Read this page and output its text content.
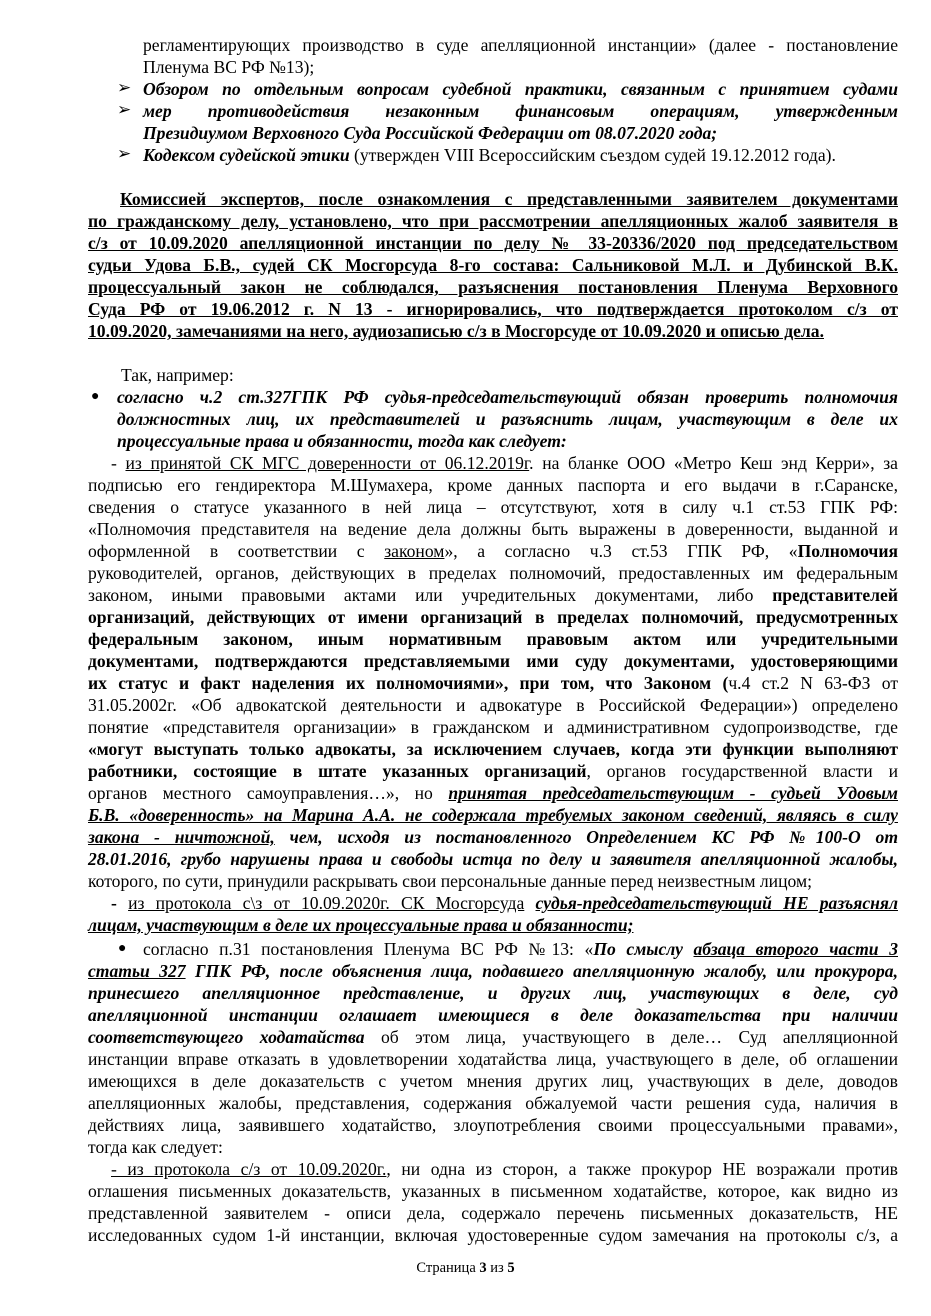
регламентирующих производство в суде апелляционной инстанции» (далее - постановление
Пленума ВС РФ №13);
Обзором по отдельным вопросам судебной практики, связанным с принятием судами
мер противодействия незаконным финансовым операциям, утвержденным
Президиумом Верховного Суда Российской Федерации от 08.07.2020 года;
Кодексом судейской этики (утвержден VIII Всероссийским съездом судей 19.12.2012 года).
Комиссией экспертов, после ознакомления с представленными заявителем документами
по гражданскому делу, установлено, что при рассмотрении апелляционных жалоб заявителя в
с/з от 10.09.2020 апелляционной инстанции по делу № 33-20336/2020 под председательством
судьи Удова Б.В., судей СК Мосгорсуда 8-го состава: Сальниковой М.Л. и Дубинской В.К.
процессуальный закон не соблюдался, разъяснения постановления Пленума Верховного
Суда РФ от 19.06.2012 г. N 13 - игнорировались, что подтверждается протоколом с/з от
10.09.2020, замечаниями на него, аудиозаписью с/з в Мосгорсуде от 10.09.2020 и описью дела.
Так, например:
согласно ч.2 ст.327ГПК РФ судья-председательствующий обязан проверить полномочия
должностных лиц, их представителей и разъяснить лицам, участвующим в деле их
процессуальные права и обязанности, тогда как следует:
- из принятой СК МГС доверенности от 06.12.2019г. на бланке ООО «Метро Кеш энд Керри», за
подписью его гендиректора М.Шумахера, кроме данных паспорта и его выдачи в г.Саранске,
сведения о статусе указанного в ней лица – отсутствуют, хотя в силу ч.1 ст.53 ГПК РФ:
«Полномочия представителя на ведение дела должны быть выражены в доверенности, выданной и
оформленной в соответствии с законом», а согласно ч.3 ст.53 ГПК РФ, «Полномочия
руководителей, органов, действующих в пределах полномочий, предоставленных им федеральным
законом, иными правовыми актами или учредительных документами, либо представителей
организаций, действующих от имени организаций в пределах полномочий, предусмотренных
федеральным законом, иным нормативным правовым актом или учредительными
документами, подтверждаются представляемыми ими суду документами, удостоверяющими
их статус и факт наделения их полномочиями», при том, что Законом (ч.4 ст.2 N 63-ФЗ от
31.05.2002г. «Об адвокатской деятельности и адвокатуре в Российской Федерации») определено
понятие «представителя организации» в гражданском и административном судопроизводстве, где
«могут выступать только адвокаты, за исключением случаев, когда эти функции выполняют
работники, состоящие в штате указанных организаций, органов государственной власти и
органов местного самоуправления…», но принятая председательствующим - судьей Удовым
Б.В. «доверенность» на Марина А.А. не содержала требуемых законом сведений, являясь в силу
закона - ничтожной, чем, исходя из постановленного Определением КС РФ №100-О от
28.01.2016, грубо нарушены права и свободы истца по делу и заявителя апелляционной жалобы,
которого, по сути, принудили раскрывать свои персональные данные перед неизвестным лицом;
- из протокола с\з от 10.09.2020г. СК Мосгорсуда судья-председательствующий НЕ разъяснял
лицам, участвующим в деле их процессуальные права и обязанности;
согласно п.31 постановления Пленума ВС РФ №13: «По смыслу абзаца второго части 3
статьи 327 ГПК РФ, после объяснения лица, подавшего апелляционную жалобу, или прокурора,
принесшего апелляционное представление, и других лиц, участвующих в деле, суд
апелляционной инстанции оглашает имеющиеся в деле доказательства при наличии
соответствующего ходатайства об этом лица, участвующего в деле… Суд апелляционной
инстанции вправе отказать в удовлетворении ходатайства лица, участвующего в деле, об оглашении
имеющихся в деле доказательств с учетом мнения других лиц, участвующих в деле, доводов
апелляционных жалобы, представления, содержания обжалуемой части решения суда, наличия в
действиях лица, заявившего ходатайство, злоупотребления своими процессуальными правами»,
тогда как следует:
- из протокола с/з от 10.09.2020г., ни одна из сторон, а также прокурор НЕ возражали против
оглашения письменных доказательств, указанных в письменном ходатайстве, которое, как видно из
представленной заявителем - описи дела, содержало перечень письменных доказательств, НЕ
исследованных судом 1-й инстанции, включая удостоверенные судом замечания на протоколы с/з, а
➢
➢
➢
●
●
Страница 3 из 5
